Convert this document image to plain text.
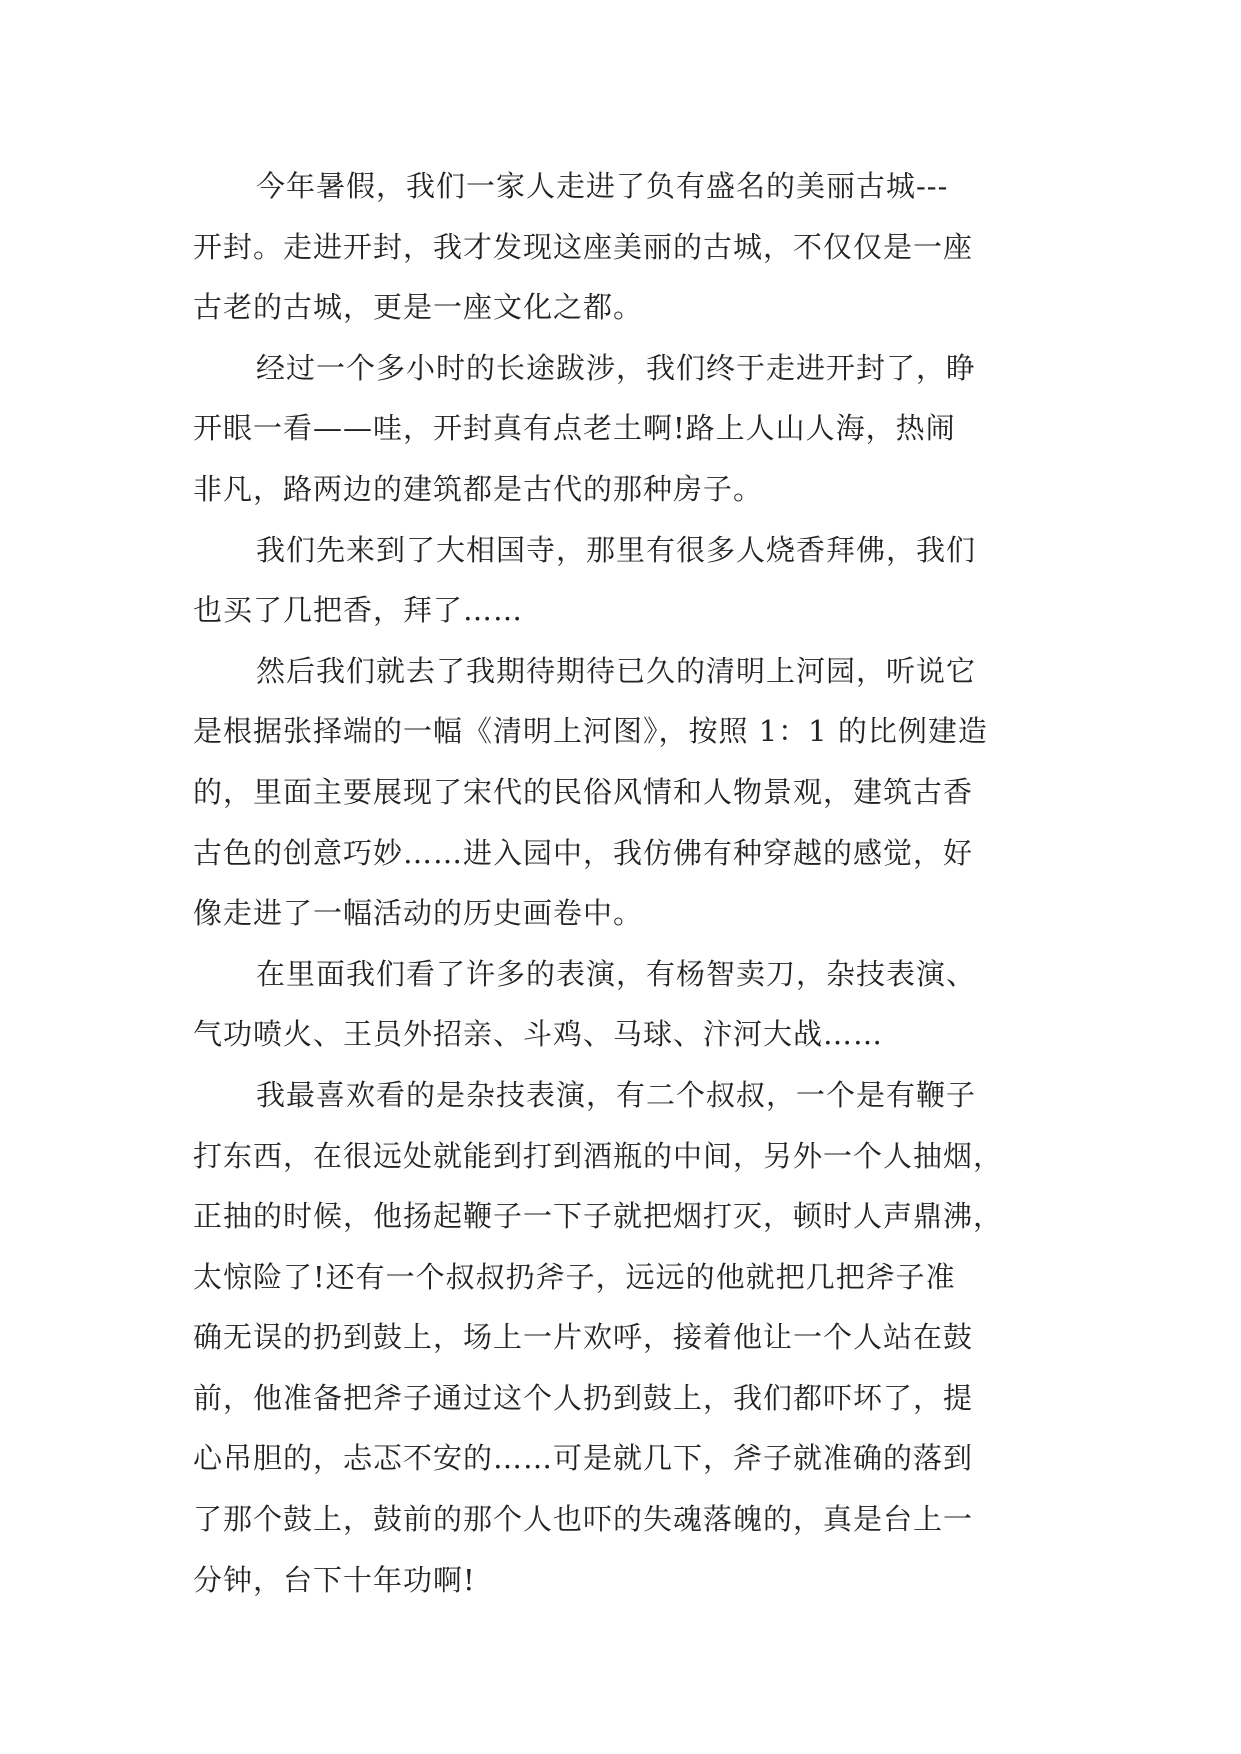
今年暑假，我们一家人走进了负有盛名的美丽古城---
开封。走进开封，我才发现这座美丽的古城，不仅仅是一座
古老的古城，更是一座文化之都。

经过一个多小时的长途跋涉，我们终于走进开封了，睁
开眼一看——哇，开封真有点老土啊!路上人山人海，热闹
非凡，路两边的建筑都是古代的那种房子。

我们先来到了大相国寺，那里有很多人烧香拜佛，我们
也买了几把香，拜了……

然后我们就去了我期待期待已久的清明上河园，听说它
是根据张择端的一幅《清明上河图》，按照 1：1 的比例建造
的，里面主要展现了宋代的民俗风情和人物景观，建筑古香
古色的创意巧妙……进入园中，我仿佛有种穿越的感觉，好
像走进了一幅活动的历史画卷中。

在里面我们看了许多的表演，有杨智卖刀，杂技表演、
气功喷火、王员外招亲、斗鸡、马球、汴河大战……

我最喜欢看的是杂技表演，有二个叔叔，一个是有鞭子
打东西，在很远处就能到打到酒瓶的中间，另外一个人抽烟，
正抽的时候，他扬起鞭子一下子就把烟打灭，顿时人声鼎沸，
太惊险了!还有一个叔叔扔斧子，远远的他就把几把斧子准
确无误的扔到鼓上，场上一片欢呼，接着他让一个人站在鼓
前，他准备把斧子通过这个人扔到鼓上，我们都吓坏了，提
心吊胆的，忐忑不安的……可是就几下，斧子就准确的落到
了那个鼓上，鼓前的那个人也吓的失魂落魄的，真是台上一
分钟，台下十年功啊!
